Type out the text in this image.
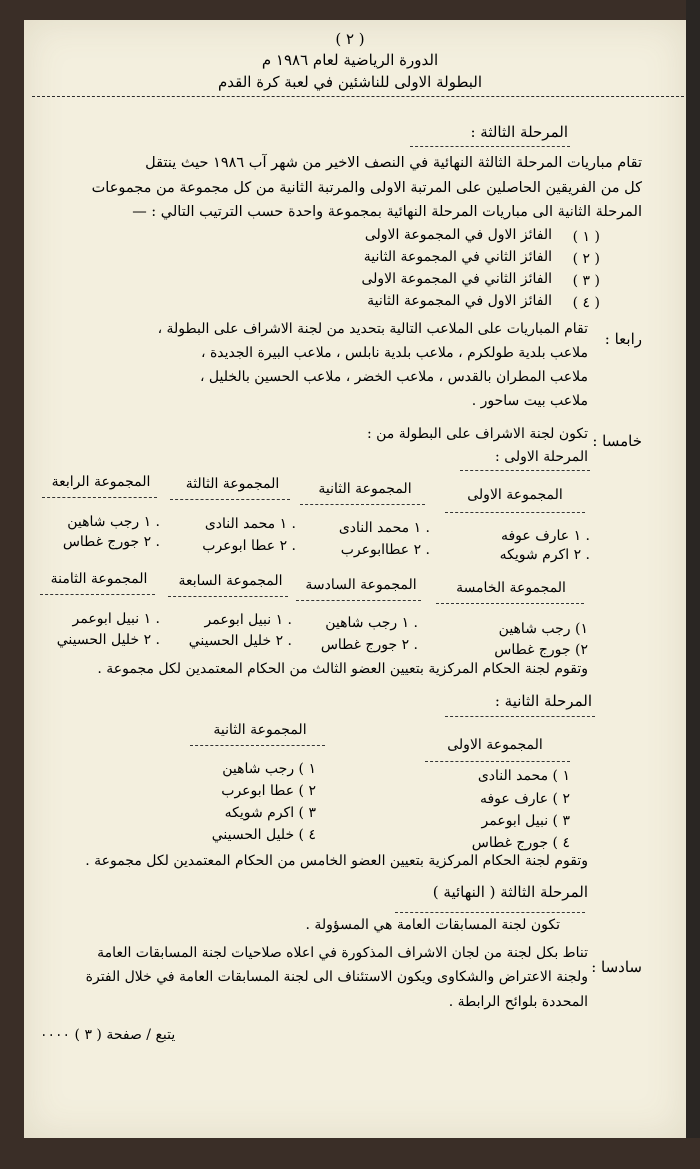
( ٢ )
الدورة الرياضية لعام ١٩٨٦ م
البطولة الاولى للناشئين في لعبة كرة القدم
المرحلة الثالثة :
تقام مباريات المرحلة الثالثة النهائية في النصف الاخير من شهر آب ١٩٨٦ حيث ينتقل
كل من الفريقين الحاصلين على المرتبة الاولى والمرتبة الثانية من كل مجموعة من مجموعات
المرحلة الثانية الى مباريات المرحلة النهائية بمجموعة واحدة حسب الترتيب التالي : —
( ١ )
الفائز الاول في المجموعة الاولى
( ٢ )
الفائز الثاني في المجموعة الثانية
( ٣ )
الفائز الثاني في المجموعة الاولى
( ٤ )
الفائز الاول في المجموعة الثانية
رابعا :
تقام المباريات على الملاعب التالية بتحديد من لجنة الاشراف على البطولة ،
ملاعب بلدية طولكرم ، ملاعب بلدية نابلس ، ملاعب البيرة الجديدة ،
ملاعب المطران بالقدس ، ملاعب الخضر ، ملاعب الحسين بالخليل ،
ملاعب بيت ساحور .
خامسا :
تكون لجنة الاشراف على البطولة من :
المرحلة الاولى :
المجموعة الاولى
المجموعة الثانية
المجموعة الثالثة
المجموعة الرابعة
. ١ عارف عوفه
. ٢ اكرم شويكه
. ١ محمد النادى
. ٢ عطاابوعرب
. ١ محمد النادى
. ٢ عطا ابوعرب
. ١ رجب شاهين
. ٢ جورج غطاس
المجموعة الخامسة
المجموعة السادسة
المجموعة السابعة
المجموعة الثامنة
١) رجب شاهين
٢) جورج غطاس
. ١ رجب شاهين
. ٢ جورج غطاس
. ١ نبيل ابوعمر
. ٢ خليل الحسيني
. ١ نبيل ابوعمر
. ٢ خليل الحسيني
وتقوم لجنة الحكام المركزية بتعيين العضو الثالث من الحكام المعتمدين لكل مجموعة .
المرحلة الثانية :
المجموعة الاولى
المجموعة الثانية
١ ) محمد النادى
٢ ) عارف عوفه
٣ ) نبيل ابوعمر
٤ ) جورج غطاس
١ ) رجب شاهين
٢ ) عطا ابوعرب
٣ ) اكرم شويكه
٤ ) خليل الحسيني
وتقوم لجنة الحكام المركزية بتعيين العضو الخامس من الحكام المعتمدين لكل مجموعة .
المرحلة الثالثة ( النهائية )
تكون لجنة المسابقات العامة هي المسؤولة .
سادسا :
تناط بكل لجنة من لجان الاشراف المذكورة في اعلاه صلاحيات لجنة المسابقات العامة
ولجنة الاعتراض والشكاوى ويكون الاستئناف الى لجنة المسابقات العامة في خلال الفترة
المحددة بلوائح الرابطة .
يتبع / صفحة ( ٣ ) ٠٠٠٠
